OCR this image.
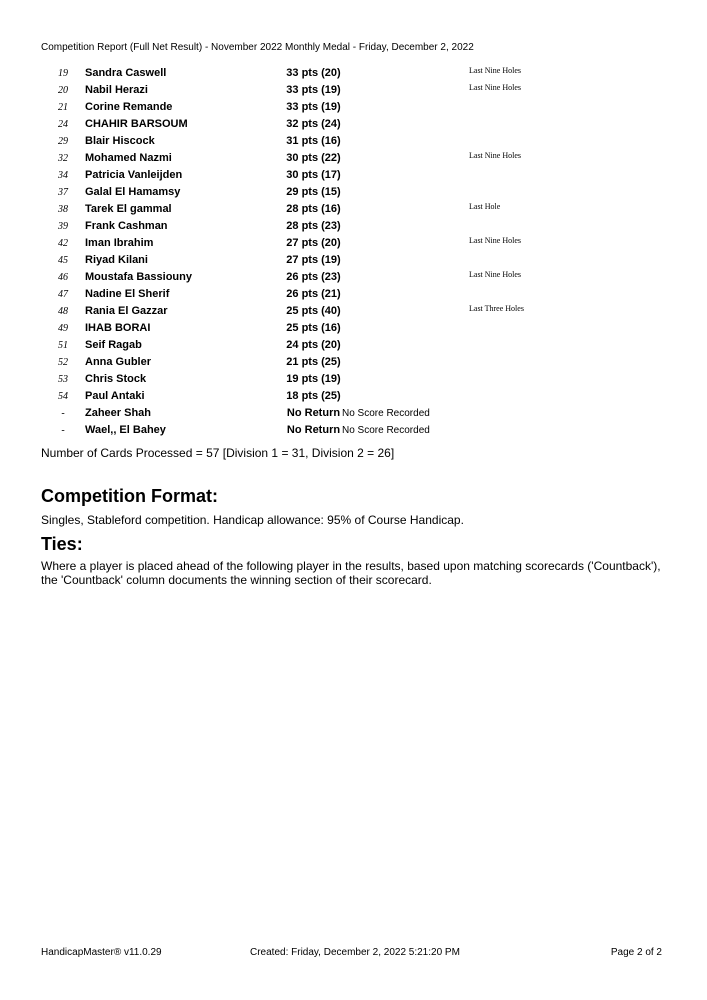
Competition Report (Full Net Result) - November 2022 Monthly Medal - Friday, December 2, 2022
19	Sandra Caswell	33 pts (20)	Last Nine Holes
20	Nabil Herazi	33 pts (19)	Last Nine Holes
21	Corine Remande	33 pts (19)
24	CHAHIR BARSOUM	32 pts (24)
29	Blair Hiscock	31 pts (16)
32	Mohamed Nazmi	30 pts (22)	Last Nine Holes
34	Patricia Vanleijden	30 pts (17)
37	Galal El Hamamsy	29 pts (15)
38	Tarek El gammal	28 pts (16)	Last Hole
39	Frank Cashman	28 pts (23)
42	Iman Ibrahim	27 pts (20)	Last Nine Holes
45	Riyad Kilani	27 pts (19)
46	Moustafa Bassiouny	26 pts (23)	Last Nine Holes
47	Nadine El Sherif	26 pts (21)
48	Rania El Gazzar	25 pts (40)	Last Three Holes
49	IHAB BORAI	25 pts (16)
51	Seif Ragab	24 pts (20)
52	Anna Gubler	21 pts (25)
53	Chris Stock	19 pts (19)
54	Paul Antaki	18 pts (25)
-	Zaheer Shah	No Return No Score Recorded
-	Wael,, El Bahey	No Return No Score Recorded
Number of Cards Processed = 57 [Division 1 = 31, Division 2 = 26]
Competition Format:
Singles, Stableford competition. Handicap allowance: 95% of Course Handicap.
Ties:
Where a player is placed ahead of the following player in the results, based upon matching scorecards ('Countback'), the 'Countback' column documents the winning section of their scorecard.
HandicapMaster® v11.0.29	Created: Friday, December 2, 2022 5:21:20 PM	Page 2 of 2
